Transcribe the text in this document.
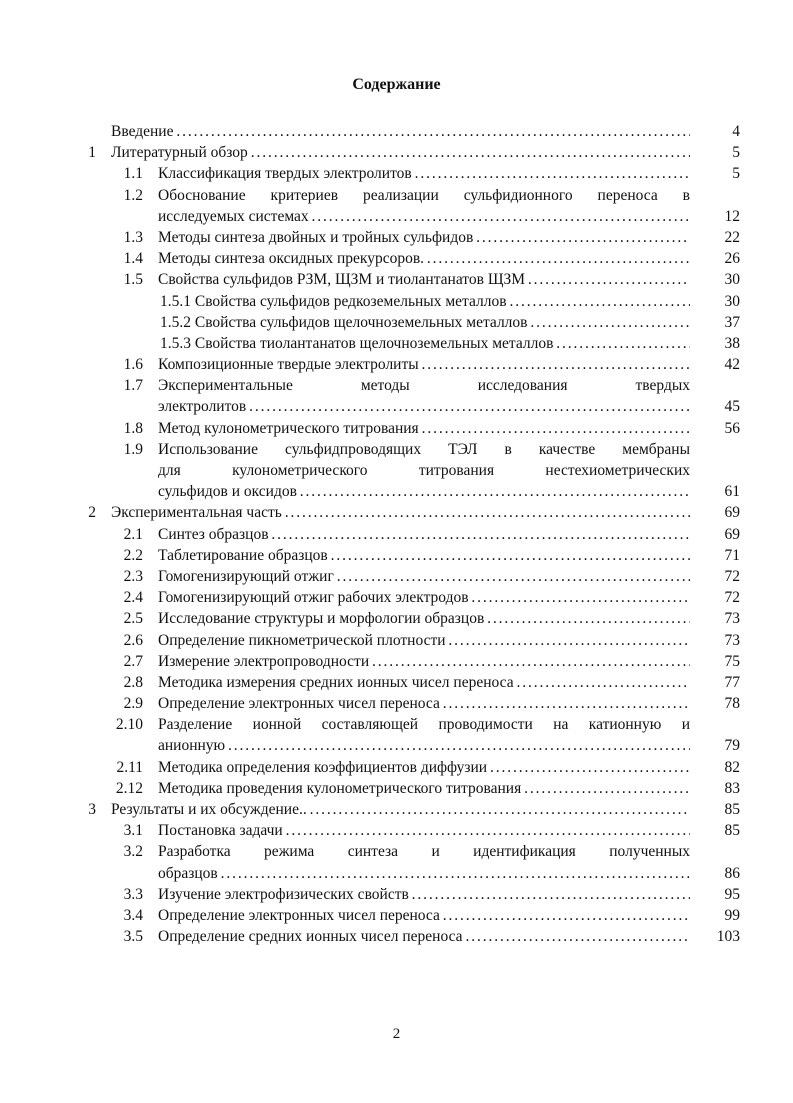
Содержание
Введение . . .	4
1 Литературный обзор . . .	5
1.1 Классификация твердых электролитов . . .	5
1.2 Обоснование критериев реализации сульфидионного переноса в
исследуемых системах . . .	12
1.3 Методы синтеза двойных и тройных сульфидов . . .	22
1.4 Методы синтеза оксидных прекурсоров. . . .	26
1.5 Свойства сульфидов РЗМ, ЩЗМ и тиолантанатов ЩЗМ . . .	30
1.5.1 Свойства сульфидов редкоземельных металлов . . .	30
1.5.2 Свойства сульфидов щелочноземельных металлов . . .	37
1.5.3 Свойства тиолантанатов щелочноземельных металлов . . .	38
1.6 Композиционные твердые электролиты . . .	42
1.7 Экспериментальные методы исследования твердых
электролитов . . .	45
1.8 Метод кулонометрического титрования . . .	56
1.9 Использование сульфидпроводящих ТЭЛ в качестве мембраны
для кулонометрического титрования нестехиометрических
сульфидов и оксидов . . .	61
2 Экспериментальная часть . . .	69
2.1 Синтез образцов . . .	69
2.2 Таблетирование образцов . . .	71
2.3 Гомогенизирующий отжиг . . .	72
2.4 Гомогенизирующий отжиг рабочих электродов . . .	72
2.5 Исследование структуры и морфологии образцов . . .	73
2.6 Определение пикнометрической плотности . . .	73
2.7 Измерение электропроводности . . .	75
2.8 Методика измерения средних ионных чисел переноса . . .	77
2.9 Определение электронных чисел переноса . . .	78
2.10 Разделение ионной составляющей проводимости на катионную и
анионную . . .	79
2.11 Методика определения коэффициентов диффузии . . .	82
2.12 Методика проведения кулонометрического титрования . . .	83
3 Результаты и их обсуждение.. . . .	85
3.1 Постановка задачи . . .	85
3.2 Разработка режима синтеза и идентификация полученных
образцов . . .	86
3.3 Изучение электрофизических свойств . . .	95
3.4 Определение электронных чисел переноса . . .	99
3.5 Определение средних ионных чисел переноса . . .	103
2
